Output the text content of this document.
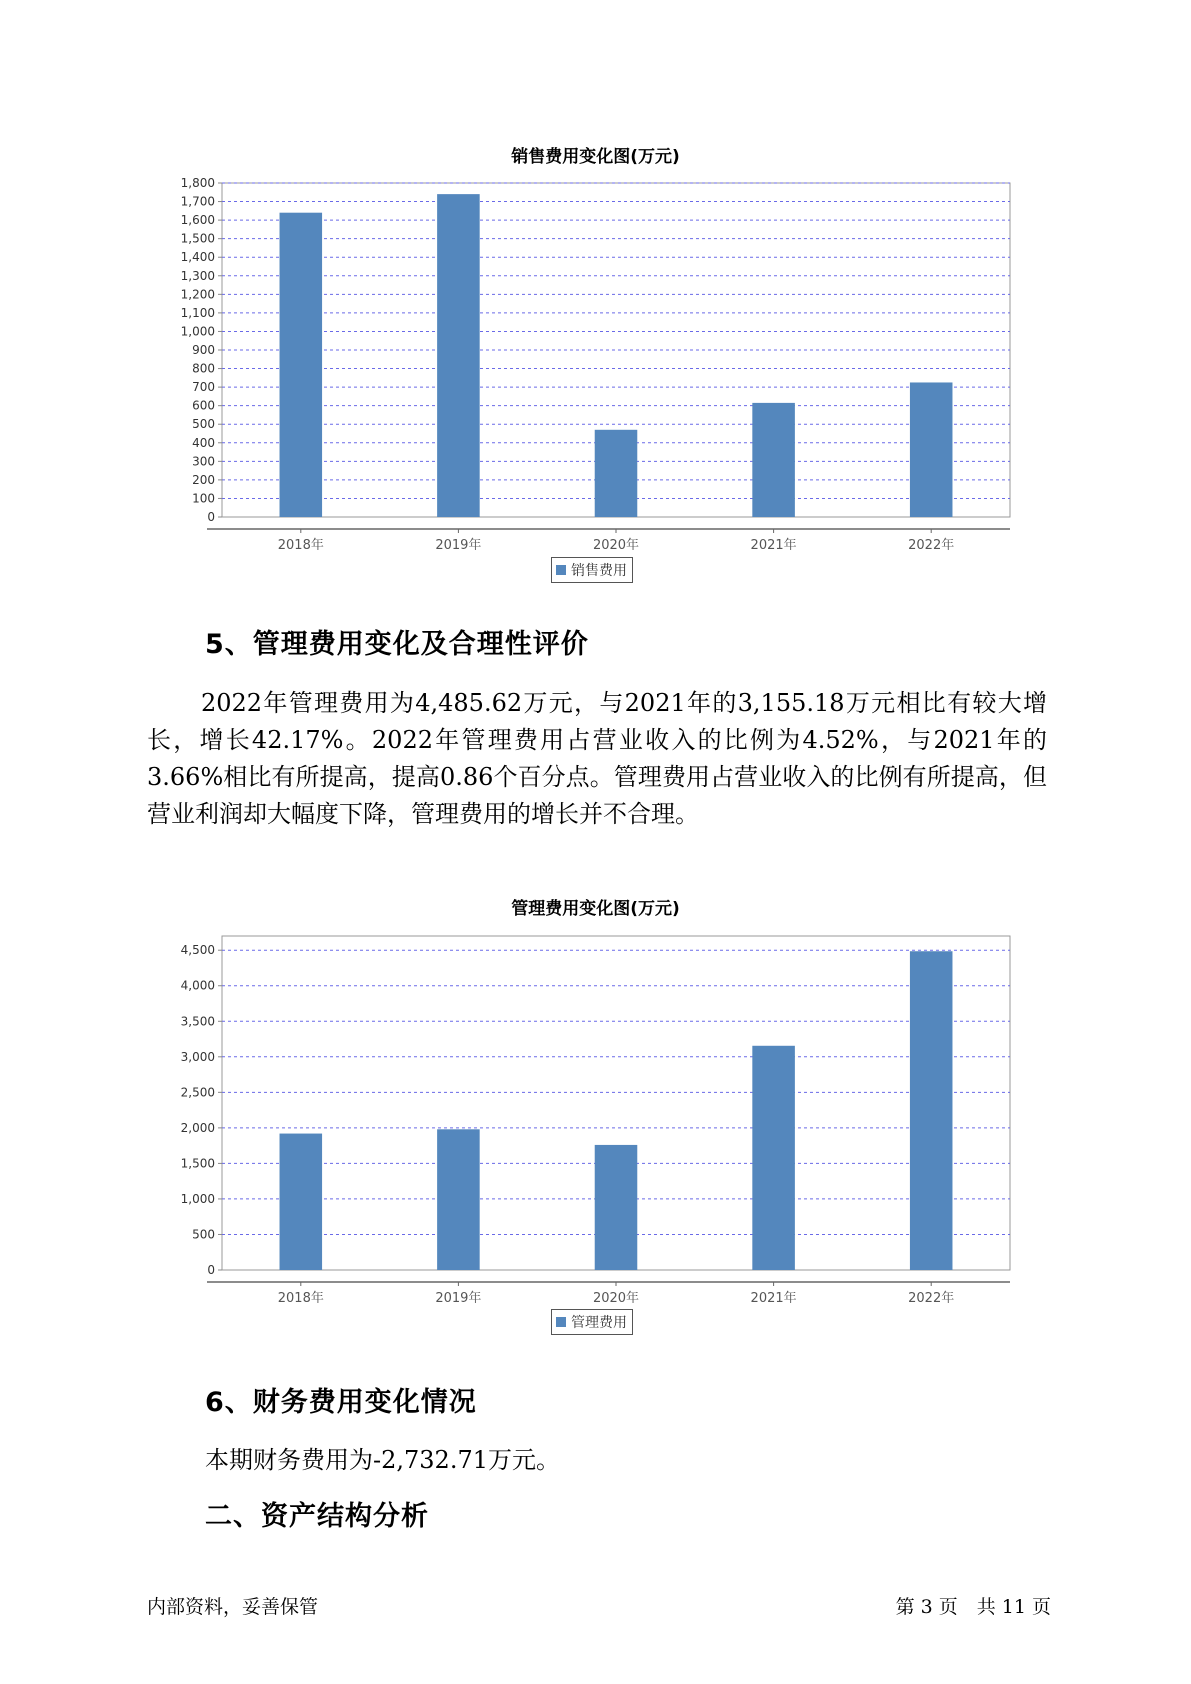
销售费用变化图(万元)
0
100
200
300
400
500
600
700
800
900
1,000
1,100
1,200
1,300
1,400
1,500
1,600
1,700
1,800
2018年	2019年	2020年	2021年	2022年
销售费用
5、管理费用变化及合理性评价
2022年管理费用为4,485.62万元，与2021年的3,155.18万元相比有较大增长，增长42.17%。2022年管理费用占营业收入的比例为4.52%，与2021年的3.66%相比有所提高，提高0.86个百分点。管理费用占营业收入的比例有所提高，但营业利润却大幅度下降，管理费用的增长并不合理。
管理费用变化图(万元)
0
500
1,000
1,500
2,000
2,500
3,000
3,500
4,000
4,500
2018年	2019年	2020年	2021年	2022年
管理费用
6、财务费用变化情况
本期财务费用为-2,732.71万元。
二、资产结构分析
内部资料，妥善保管	第 3 页　共 11 页
